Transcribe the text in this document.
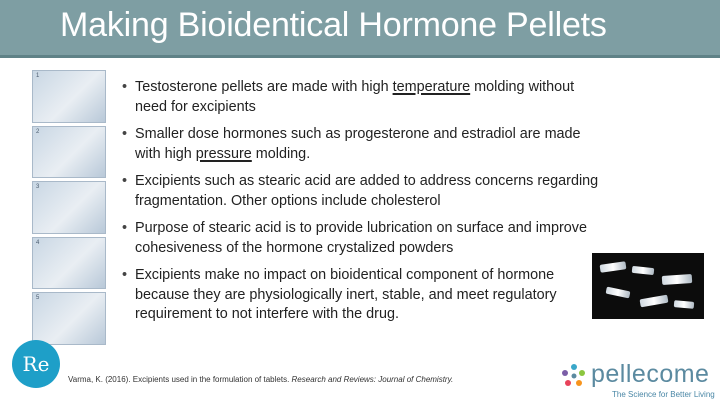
Making Bioidentical Hormone Pellets
1
2
3
4
5
• Testosterone pellets are made with high temperature molding without need for excipients
• Smaller dose hormones such as progesterone and estradiol are made with high pressure molding.
• Excipients such as stearic acid are added to address concerns regarding fragmentation. Other options include cholesterol
• Purpose of stearic acid is to provide lubrication on surface and improve cohesiveness of the hormone crystalized powders
• Excipients make no impact on bioidentical component of hormone because they are physiologically inert, stable, and meet regulatory requirement to not interfere with the drug.
Re
Varma, K. (2016). Excipients used in the formulation of tablets. Research and Reviews: Journal of Chemistry.	pellecome
The Science for Better Living
